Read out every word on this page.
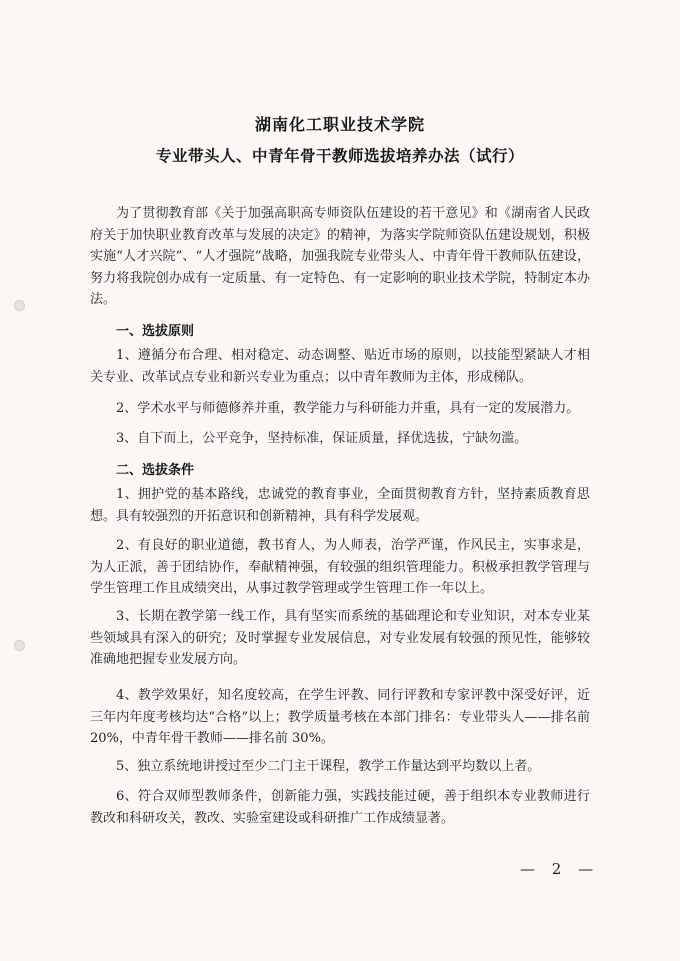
湖南化工职业技术学院
专业带头人、中青年骨干教师选拔培养办法（试行）

为了贯彻教育部《关于加强高职高专师资队伍建设的若干意见》和《湖南省人民政府关于加快职业教育改革与发展的决定》的精神，为落实学院师资队伍建设规划，积极实施“人才兴院”、“人才强院”战略，加强我院专业带头人、中青年骨干教师队伍建设，努力将我院创办成有一定质量、有一定特色、有一定影响的职业技术学院，特制定本办法。

一、选拔原则

1、遵循分布合理、相对稳定、动态调整、贴近市场的原则，以技能型紧缺人才相关专业、改革试点专业和新兴专业为重点；以中青年教师为主体，形成梯队。

2、学术水平与师德修养并重，教学能力与科研能力并重，具有一定的发展潜力。

3、自下而上，公平竞争，坚持标准，保证质量，择优选拔，宁缺勿滥。

二、选拔条件

1、拥护党的基本路线，忠诚党的教育事业，全面贯彻教育方针，坚持素质教育思想。具有较强烈的开拓意识和创新精神，具有科学发展观。

2、有良好的职业道德，教书育人，为人师表，治学严谨，作风民主，实事求是，为人正派，善于团结协作，奉献精神强，有较强的组织管理能力。积极承担教学管理与学生管理工作且成绩突出，从事过教学管理或学生管理工作一年以上。

3、长期在教学第一线工作，具有坚实而系统的基础理论和专业知识，对本专业某些领域具有深入的研究；及时掌握专业发展信息，对专业发展有较强的预见性，能够较准确地把握专业发展方向。

4、教学效果好，知名度较高，在学生评教、同行评教和专家评教中深受好评，近三年内年度考核均达“合格”以上；教学质量考核在本部门排名：专业带头人——排名前 20%，中青年骨干教师——排名前 30%。

5、独立系统地讲授过至少二门主干课程，教学工作量达到平均数以上者。

6、符合双师型教师条件，创新能力强，实践技能过硬，善于组织本专业教师进行教改和科研攻关，教改、实验室建设或科研推广工作成绩显著。

— 2 —
